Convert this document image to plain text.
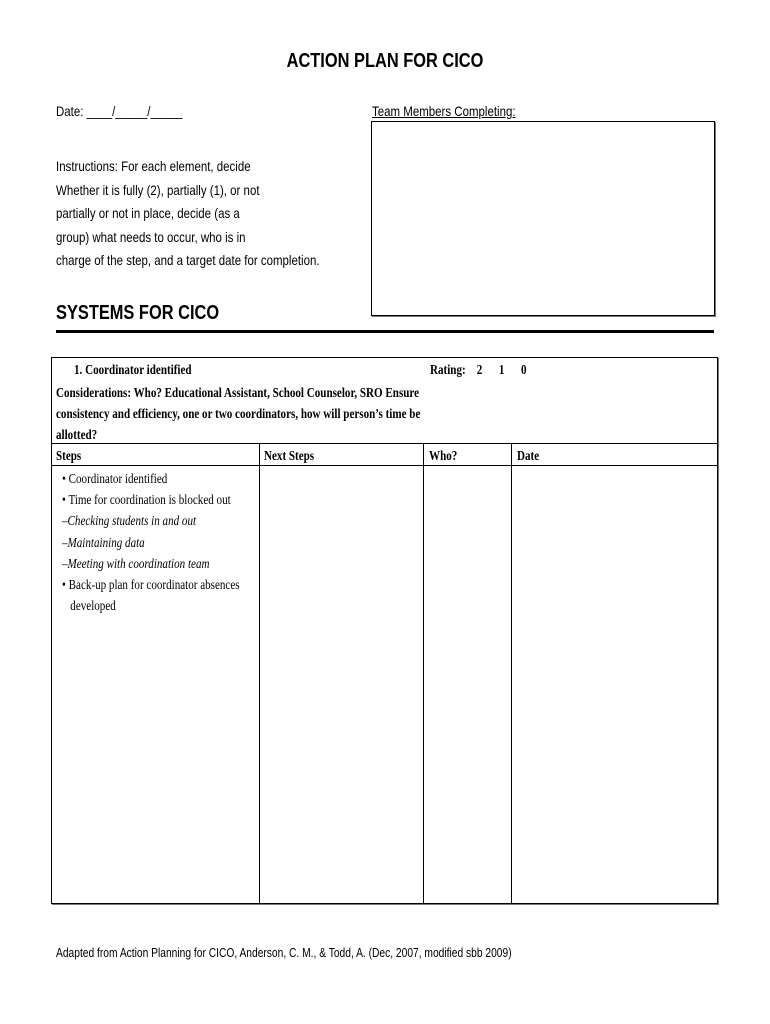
ACTION PLAN FOR CICO
Date: ____/_____/_____	Team Members Completing:
Instructions: For each element, decide
Whether it is fully (2), partially (1), or not
partially or not in place, decide (as a
group) what needs to occur, who is in
charge of the step, and a target date for completion.
SYSTEMS FOR CICO
1. Coordinator identified	Rating:    2      1      0
Considerations: Who? Educational Assistant, School Counselor, SRO Ensure
consistency and efficiency, one or two coordinators, how will person’s time be
allotted?
Steps	Next Steps	Who?	Date
• Coordinator identified
• Time for coordination is blocked out
–Checking students in and out
–Maintaining data
–Meeting with coordination team
• Back-up plan for coordinator absences
developed
Adapted from Action Planning for CICO, Anderson, C. M., & Todd, A. (Dec, 2007, modified sbb 2009)
